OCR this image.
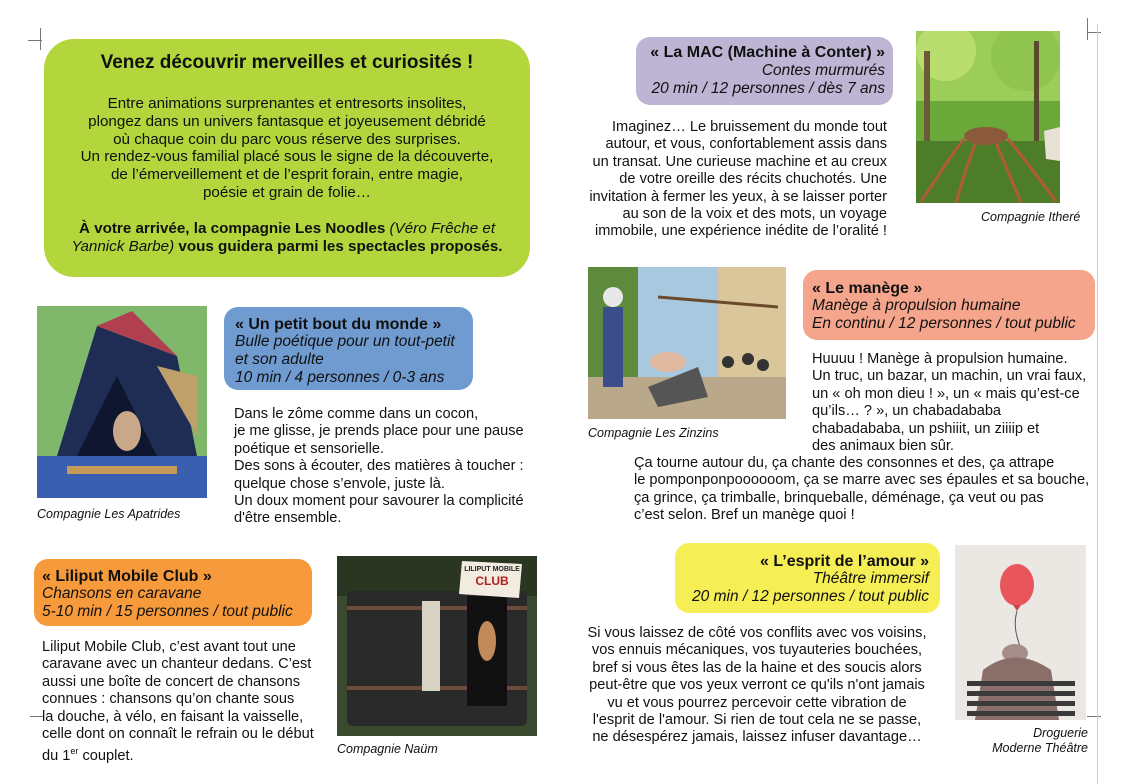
Venez découvrir merveilles et curiosités !
Entre animations surprenantes et entresorts insolites,
plongez dans un univers fantasque et joyeusement débridé
où chaque coin du parc vous réserve des surprises.
Un rendez-vous familial placé sous le signe de la découverte,
de l’émerveillement et de l’esprit forain, entre magie,
poésie et grain de folie…
À votre arrivée, la compagnie Les Noodles (Véro Frêche et
Yannick Barbe) vous guidera parmi les spectacles proposés.
« La MAC (Machine à Conter) »
Contes murmurés
20 min / 12 personnes / dès 7 ans
Imaginez… Le bruissement du monde tout
autour, et vous, confortablement assis dans
un transat. Une curieuse machine et au creux
de votre oreille des récits chuchotés. Une
invitation à fermer les yeux, à se laisser porter
au son de la voix et des mots, un voyage
immobile, une expérience inédite de l’oralité !
Compagnie Itheré
Compagnie Les Apatrides
« Un petit bout du monde »
Bulle poétique pour un tout-petit
et son adulte
10 min / 4 personnes / 0-3 ans
Dans le zôme comme dans un cocon,
je me glisse, je prends place pour une pause
poétique et sensorielle.
Des sons à écouter, des matières à toucher :
quelque chose s’envole, juste là.
Un doux moment pour savourer la complicité
d'être ensemble.
Compagnie Les Zinzins
« Le manège »
Manège à propulsion humaine
En continu / 12 personnes / tout public
Huuuu ! Manège à propulsion humaine.
Un truc, un bazar, un machin, un vrai faux,
un « oh mon dieu ! », un « mais qu’est-ce
qu’ils… ? », un chabadababa
chabadababa, un pshiiit, un ziiiip et
des animaux bien sûr.
Ça tourne autour du, ça chante des consonnes et des, ça attrape
le pomponponpoooooom, ça se marre avec ses épaules et sa bouche,
ça grince, ça trimballe, brinqueballe, déménage, ça veut ou pas
c’est selon. Bref un manège quoi !
« Liliput Mobile Club »
Chansons en caravane
5-10 min / 15 personnes / tout public
Liliput Mobile Club, c’est avant tout une
caravane avec un chanteur dedans. C’est
aussi une boîte de concert de chansons
connues : chansons qu’on chante sous
la douche, à vélo, en faisant la vaisselle,
celle dont on connaît le refrain ou le début
du 1er couplet.
LILIPUT MOBILE
CLUB
Compagnie Naüm
« L’esprit de l’amour »
Théâtre immersif
20 min / 12 personnes / tout public
Si vous laissez de côté vos conflits avec vos voisins,
vos ennuis mécaniques, vos tuyauteries bouchées,
bref si vous êtes las de la haine et des soucis alors
peut-être que vos yeux verront ce qu'ils n'ont jamais
vu et vous pourrez percevoir cette vibration de
l'esprit de l'amour. Si rien de tout cela ne se passe,
ne désespérez jamais, laissez infuser davantage…	Droguerie
Moderne Théâtre
